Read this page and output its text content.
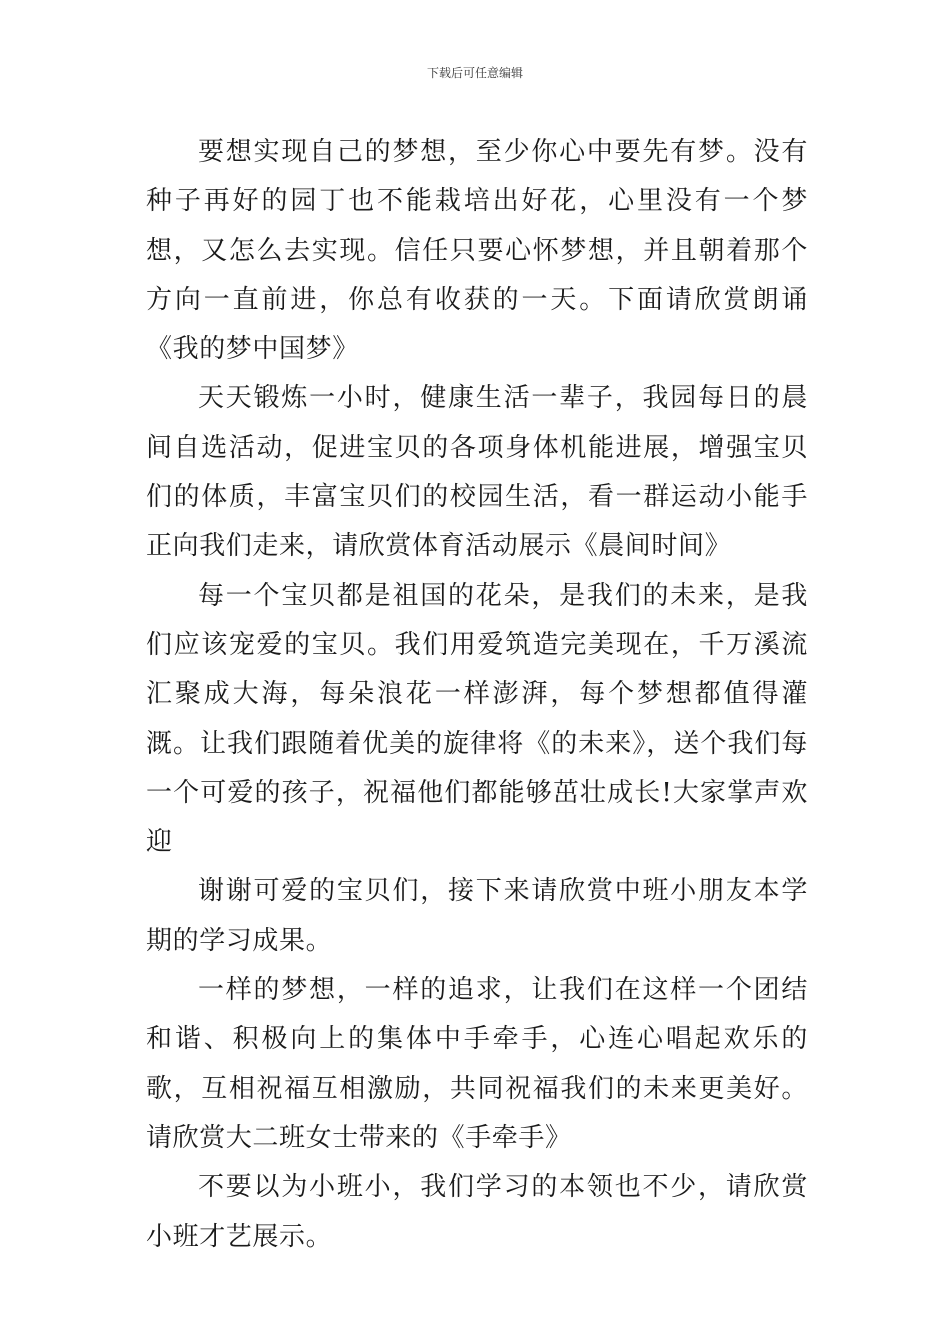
下载后可任意编辑

要想实现自己的梦想，至少你心中要先有梦。没有种子再好的园丁也不能栽培出好花，心里没有一个梦想，又怎么去实现。信任只要心怀梦想，并且朝着那个方向一直前进，你总有收获的一天。下面请欣赏朗诵《我的梦中国梦》

天天锻炼一小时，健康生活一辈子，我园每日的晨间自选活动，促进宝贝的各项身体机能进展，增强宝贝们的体质，丰富宝贝们的校园生活，看一群运动小能手正向我们走来，请欣赏体育活动展示《晨间时间》

每一个宝贝都是祖国的花朵，是我们的未来，是我们应该宠爱的宝贝。我们用爱筑造完美现在，千万溪流汇聚成大海，每朵浪花一样澎湃，每个梦想都值得灌溉。让我们跟随着优美的旋律将《的未来》，送个我们每一个可爱的孩子，祝福他们都能够茁壮成长!大家掌声欢迎

谢谢可爱的宝贝们，接下来请欣赏中班小朋友本学期的学习成果。

一样的梦想，一样的追求，让我们在这样一个团结和谐、积极向上的集体中手牵手，心连心唱起欢乐的歌，互相祝福互相激励，共同祝福我们的未来更美好。请欣赏大二班女士带来的《手牵手》

不要以为小班小，我们学习的本领也不少，请欣赏小班才艺展示。
